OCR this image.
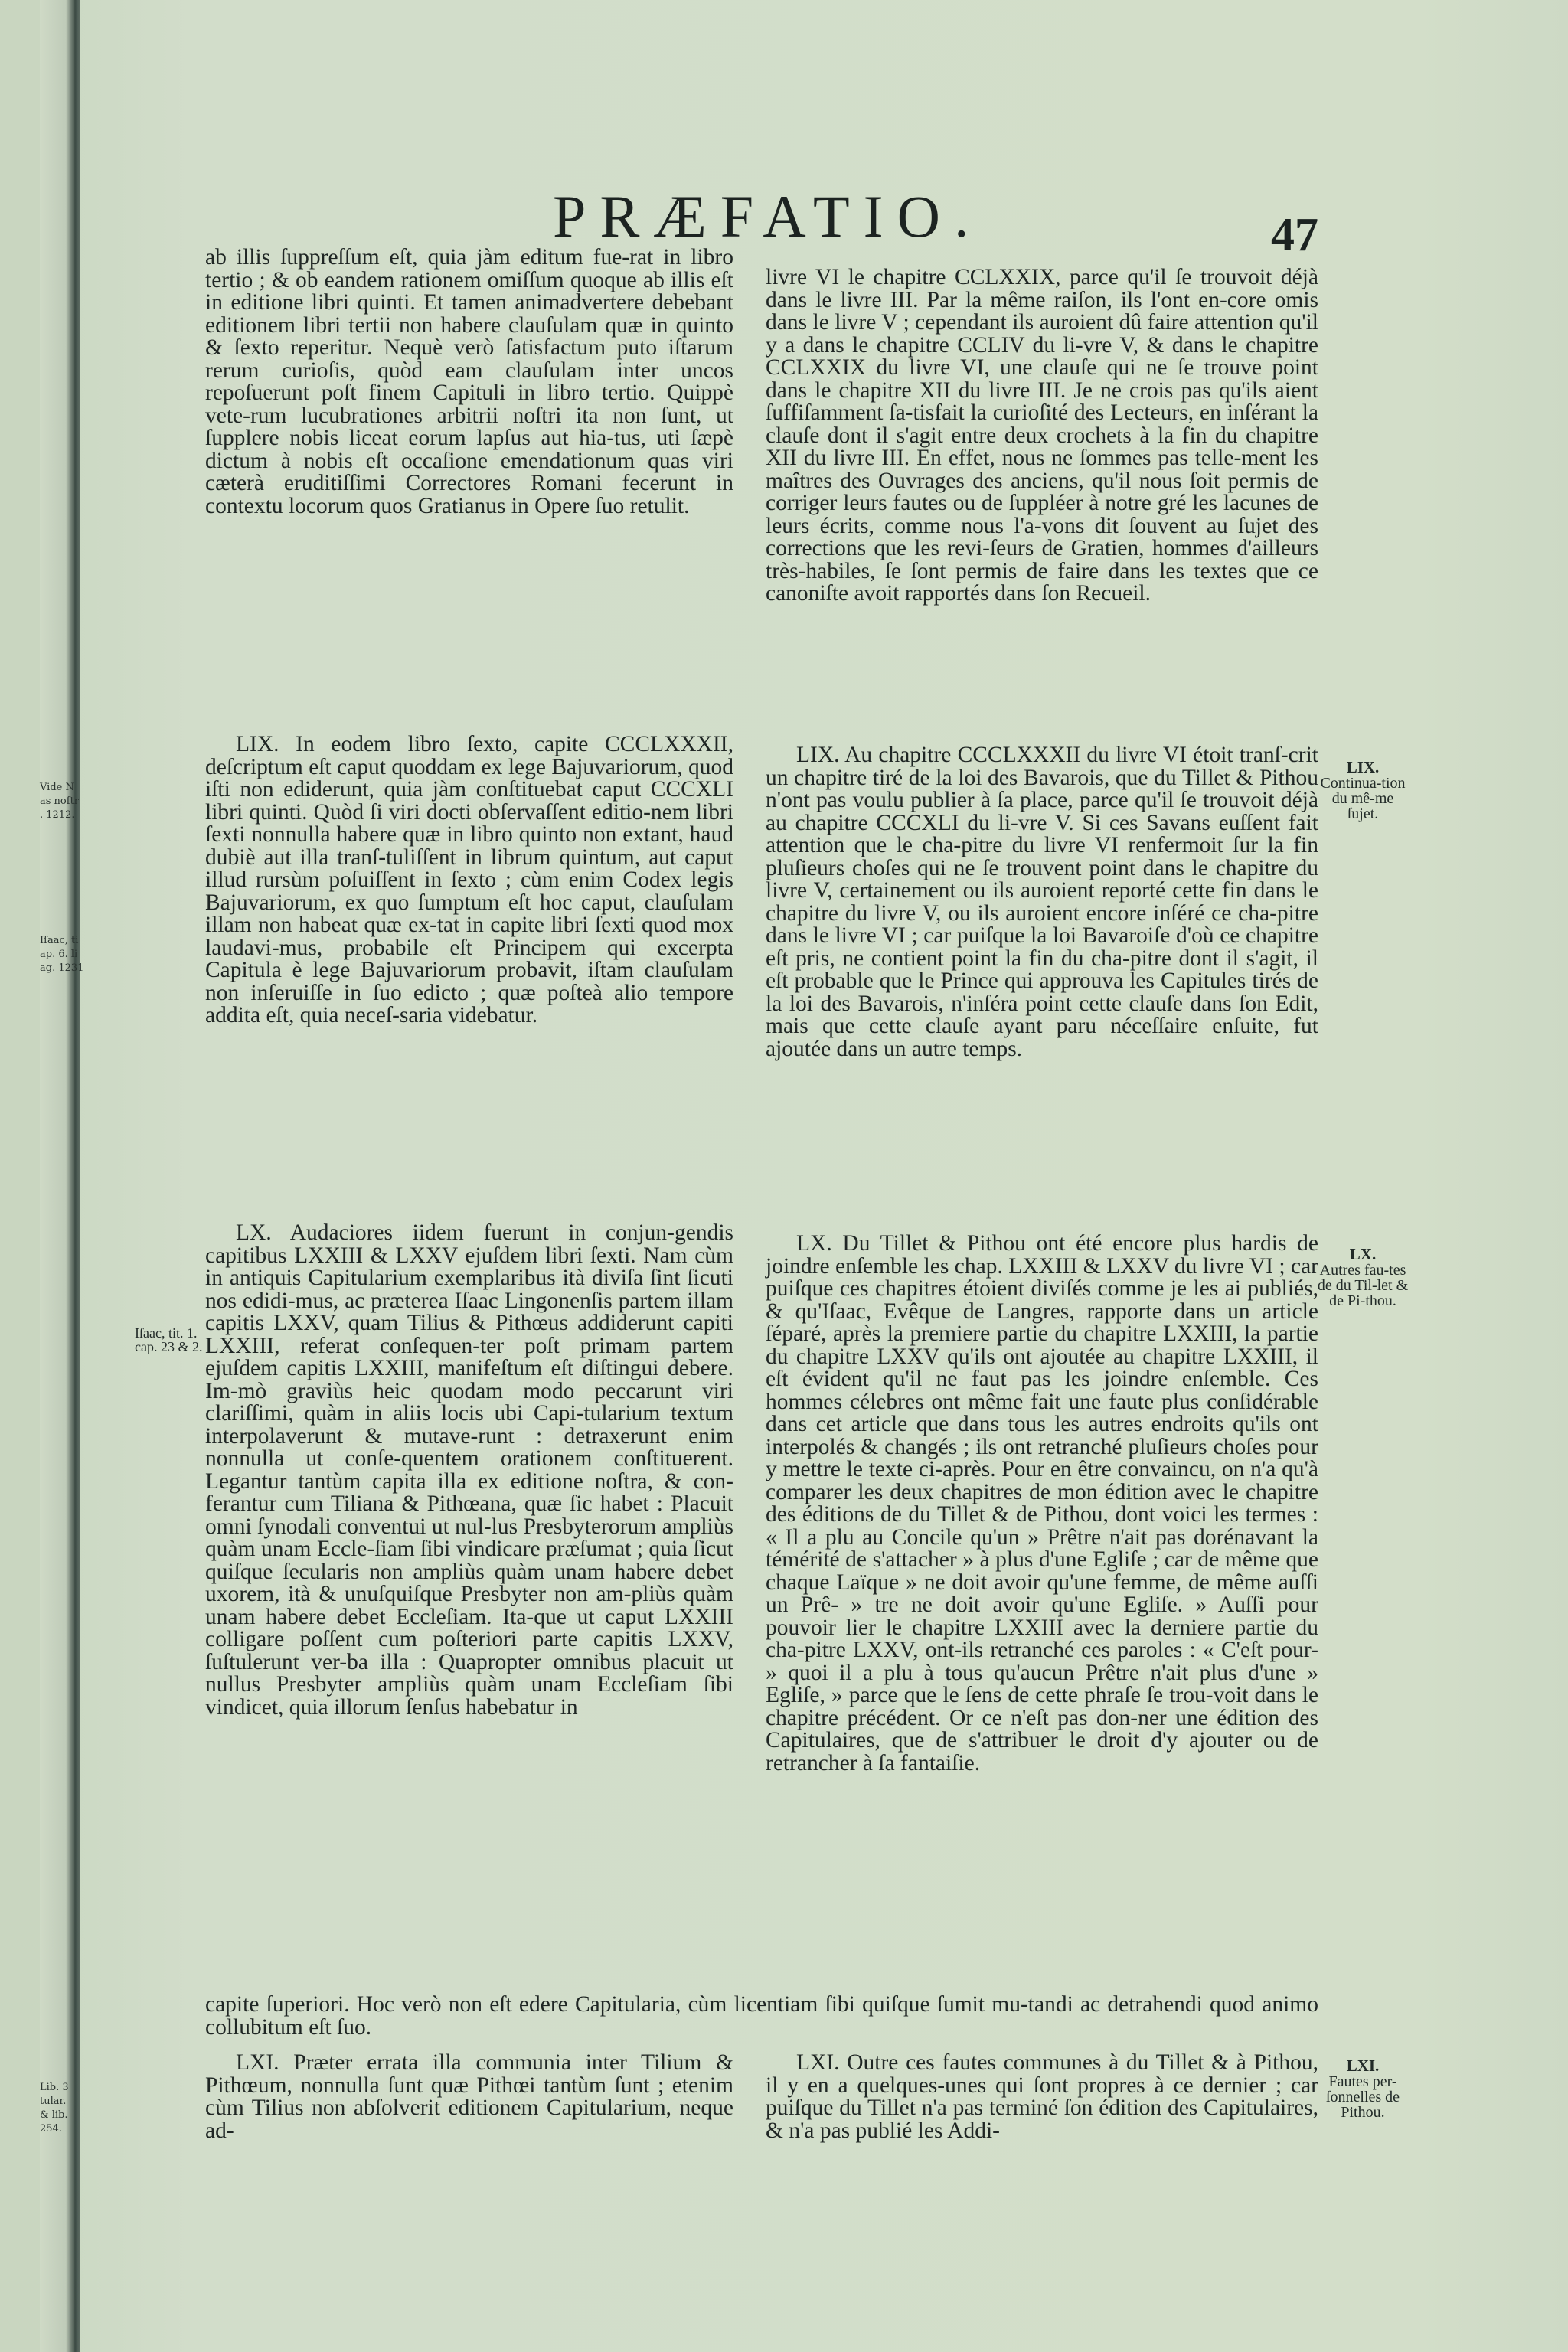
Vide N
as noſtr
. 1212.
Iſaac, ti
ap. 6. li
ag. 1231
Lib. 3
tular.
& lib.
254.
PRÆFATIO.	47

ab illis ſuppreſſum eſt, quia jàm editum fue-rat in libro tertio ; & ob eandem rationem omiſſum quoque ab illis eſt in editione libri quinti. Et tamen animadvertere debebant editionem libri tertii non habere clauſulam quæ in quinto & ſexto reperitur. Nequè verò ſatisfactum puto iſtarum rerum curioſis, quòd eam clauſulam inter uncos repoſuerunt poſt finem Capituli in libro tertio. Quippè vete-rum lucubrationes arbitrii noſtri ita non ſunt, ut ſupplere nobis liceat eorum lapſus aut hia-tus, uti ſæpè dictum à nobis eſt occaſione emendationum quas viri cæterà eruditiſſimi Correctores Romani fecerunt in contextu locorum quos Gratianus in Opere ſuo retulit.

LIX. In eodem libro ſexto, capite CCCLXXXII, deſcriptum eſt caput quoddam ex lege Bajuvariorum, quod iſti non ediderunt, quia jàm conſtituebat caput CCCXLI libri quinti. Quòd ſi viri docti obſervaſſent editio-nem libri ſexti nonnulla habere quæ in libro quinto non extant, haud dubiè aut illa tranſ-tuliſſent in librum quintum, aut caput illud rursùm poſuiſſent in ſexto ; cùm enim Codex legis Bajuvariorum, ex quo ſumptum eſt hoc caput, clauſulam illam non habeat quæ ex-tat in capite libri ſexti quod mox laudavi-mus, probabile eſt Principem qui excerpta Capitula è lege Bajuvariorum probavit, iſtam clauſulam non inſeruiſſe in ſuo edicto ; quæ poſteà alio tempore addita eſt, quia neceſ-saria videbatur.

LX. Audaciores iidem fuerunt in conjun-gendis capitibus LXXIII & LXXV ejuſdem libri ſexti. Nam cùm in antiquis Capitularium exemplaribus ità diviſa ſint ſicuti nos edidi-mus, ac præterea Iſaac Lingonenſis partem illam capitis LXXV, quam Tilius & Pithœus addiderunt capiti LXXIII, referat conſequen-ter poſt primam partem ejuſdem capitis LXXIII, manifeſtum eſt diſtingui debere. Im-mò graviùs heic quodam modo peccarunt viri clariſſimi, quàm in aliis locis ubi Capi-tularium textum interpolaverunt & mutave-runt : detraxerunt enim nonnulla ut conſe-quentem orationem conſtituerent. Legantur tantùm capita illa ex editione noſtra, & con-ferantur cum Tiliana & Pithœana, quæ ſic habet : Placuit omni ſynodali conventui ut nul-lus Presbyterorum ampliùs quàm unam Eccle-ſiam ſibi vindicare præſumat ; quia ſicut quiſque ſecularis non ampliùs quàm unam habere debet uxorem, ità & unuſquiſque Presbyter non am-pliùs quàm unam habere debet Eccleſiam. Ita-que ut caput LXXIII colligare poſſent cum poſteriori parte capitis LXXV, ſuſtulerunt ver-ba illa : Quapropter omnibus placuit ut nullus Presbyter ampliùs quàm unam Eccleſiam ſibi vindicet, quia illorum ſenſus habebatur in

capite ſuperiori. Hoc verò non eſt edere Capitularia, cùm licentiam ſibi quiſque ſumit mu-tandi ac detrahendi quod animo collubitum eſt ſuo.

LXI. Præter errata illa communia inter Tilium & Pithœum, nonnulla ſunt quæ Pithœi tantùm ſunt ; etenim cùm Tilius non abſolverit editionem Capitularium, neque ad-

livre VI le chapitre CCLXXIX, parce qu'il ſe trouvoit déjà dans le livre III. Par la même raiſon, ils l'ont en-core omis dans le livre V ; cependant ils auroient dû faire attention qu'il y a dans le chapitre CCLIV du li-vre V, & dans le chapitre CCLXXIX du livre VI, une clauſe qui ne ſe trouve point dans le chapitre XII du livre III. Je ne crois pas qu'ils aient ſuffiſamment ſa-tisfait la curioſité des Lecteurs, en inſérant la clauſe dont il s'agit entre deux crochets à la fin du chapitre XII du livre III. En effet, nous ne ſommes pas telle-ment les maîtres des Ouvrages des anciens, qu'il nous ſoit permis de corriger leurs fautes ou de ſuppléer à notre gré les lacunes de leurs écrits, comme nous l'a-vons dit ſouvent au ſujet des corrections que les revi-ſeurs de Gratien, hommes d'ailleurs très-habiles, ſe ſont permis de faire dans les textes que ce canoniſte avoit rapportés dans ſon Recueil.

LIX. Au chapitre CCCLXXXII du livre VI étoit tranſ-crit un chapitre tiré de la loi des Bavarois, que du Tillet & Pithou n'ont pas voulu publier à ſa place, parce qu'il ſe trouvoit déjà au chapitre CCCXLI du li-vre V. Si ces Savans euſſent fait attention que le cha-pitre du livre VI renfermoit ſur la fin pluſieurs choſes qui ne ſe trouvent point dans le chapitre du livre V, certainement ou ils auroient reporté cette fin dans le chapitre du livre V, ou ils auroient encore inſéré ce cha-pitre dans le livre VI ; car puiſque la loi Bavaroiſe d'où ce chapitre eſt pris, ne contient point la fin du cha-pitre dont il s'agit, il eſt probable que le Prince qui approuva les Capitules tirés de la loi des Bavarois, n'inſéra point cette clauſe dans ſon Edit, mais que cette clauſe ayant paru néceſſaire enſuite, fut ajoutée dans un autre temps.

LX. Du Tillet & Pithou ont été encore plus hardis de joindre enſemble les chap. LXXIII & LXXV du livre VI ; car puiſque ces chapitres étoient diviſés comme je les ai publiés, & qu'Iſaac, Evêque de Langres, rapporte dans un article ſéparé, après la premiere partie du chapitre LXXIII, la partie du chapitre LXXV qu'ils ont ajoutée au chapitre LXXIII, il eſt évident qu'il ne faut pas les joindre enſemble. Ces hommes célebres ont même fait une faute plus conſidérable dans cet article que dans tous les autres endroits qu'ils ont interpolés & changés ; ils ont retranché pluſieurs choſes pour y mettre le texte ci-après. Pour en être convaincu, on n'a qu'à comparer les deux chapitres de mon édition avec le chapitre des éditions de du Tillet & de Pithou, dont voici les termes : « Il a plu au Concile qu'un » Prêtre n'ait pas dorénavant la témérité de s'attacher » à plus d'une Egliſe ; car de même que chaque Laïque » ne doit avoir qu'une femme, de même auſſi un Prê- » tre ne doit avoir qu'une Egliſe. » Auſſi pour pouvoir lier le chapitre LXXIII avec la derniere partie du cha-pitre LXXV, ont-ils retranché ces paroles : « C'eſt pour- » quoi il a plu à tous qu'aucun Prêtre n'ait plus d'une » Egliſe, » parce que le ſens de cette phraſe ſe trou-voit dans le chapitre précédent. Or ce n'eſt pas don-ner une édition des Capitulaires, que de s'attribuer le droit d'y ajouter ou de retrancher à ſa fantaiſie.

LXI. Outre ces fautes communes à du Tillet & à Pithou, il y en a quelques-unes qui ſont propres à ce dernier ; car puiſque du Tillet n'a pas terminé ſon édition des Capitulaires, & n'a pas publié les Addi-

LIX.
Continua-tion du mê-me ſujet.
LX.
Autres fau-tes de du Til-let & de Pi-thou.
LXI.
Fautes per-ſonnelles de Pithou.
Iſaac, tit. 1. cap. 23 & 2.
